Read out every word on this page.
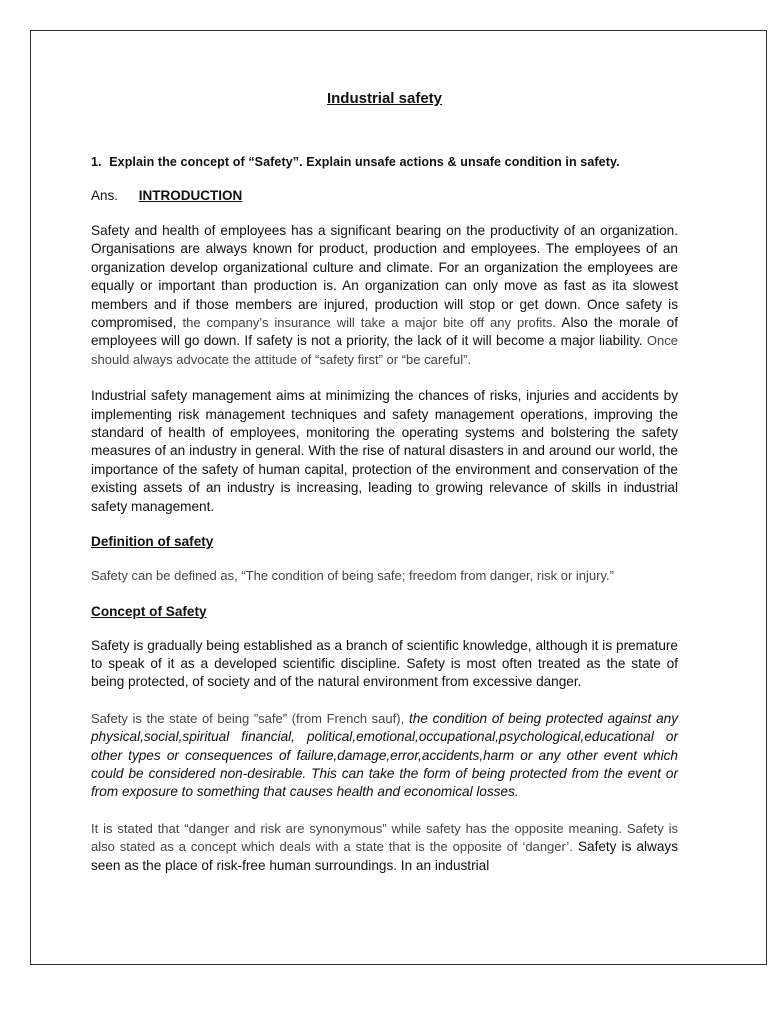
Industrial safety
1. Explain the concept of “Safety”. Explain unsafe actions & unsafe condition in safety.
Ans. INTRODUCTION

Safety and health of employees has a significant bearing on the productivity of an organization. Organisations are always known for product, production and employees. The employees of an organization develop organizational culture and climate. For an organization the employees are equally or important than production is. An organization can only move as fast as ita slowest members and if those members are injured, production will stop or get down. Once safety is compromised, the company’s insurance will take a major bite off any profits. Also the morale of employees will go down. If safety is not a priority, the lack of it will become a major liability. Once should always advocate the attitude of “safety first” or “be careful”.

Industrial safety management aims at minimizing the chances of risks, injuries and accidents by implementing risk management techniques and safety management operations, improving the standard of health of employees, monitoring the operating systems and bolstering the safety measures of an industry in general. With the rise of natural disasters in and around our world, the importance of the safety of human capital, protection of the environment and conservation of the existing assets of an industry is increasing, leading to growing relevance of skills in industrial safety management.

Definition of safety

Safety can be defined as, “The condition of being safe; freedom from danger, risk or injury.”

Concept of Safety

Safety is gradually being established as a branch of scientific knowledge, although it is premature to speak of it as a developed scientific discipline. Safety is most often treated as the state of being protected, of society and of the natural environment from excessive danger.

Safety is the state of being ”safe” (from French sauf), the condition of being protected against any physical,social,spiritual financial, political,emotional,occupational,psychological,educational or other types or consequences of failure,damage,error,accidents,harm or any other event which could be considered non-desirable. This can take the form of being protected from the event or from exposure to something that causes health and economical losses.

It is stated that “danger and risk are synonymous” while safety has the opposite meaning. Safety is also stated as a concept which deals with a state that is the opposite of ‘danger’. Safety is always seen as the place of risk-free human surroundings. In an industrial
